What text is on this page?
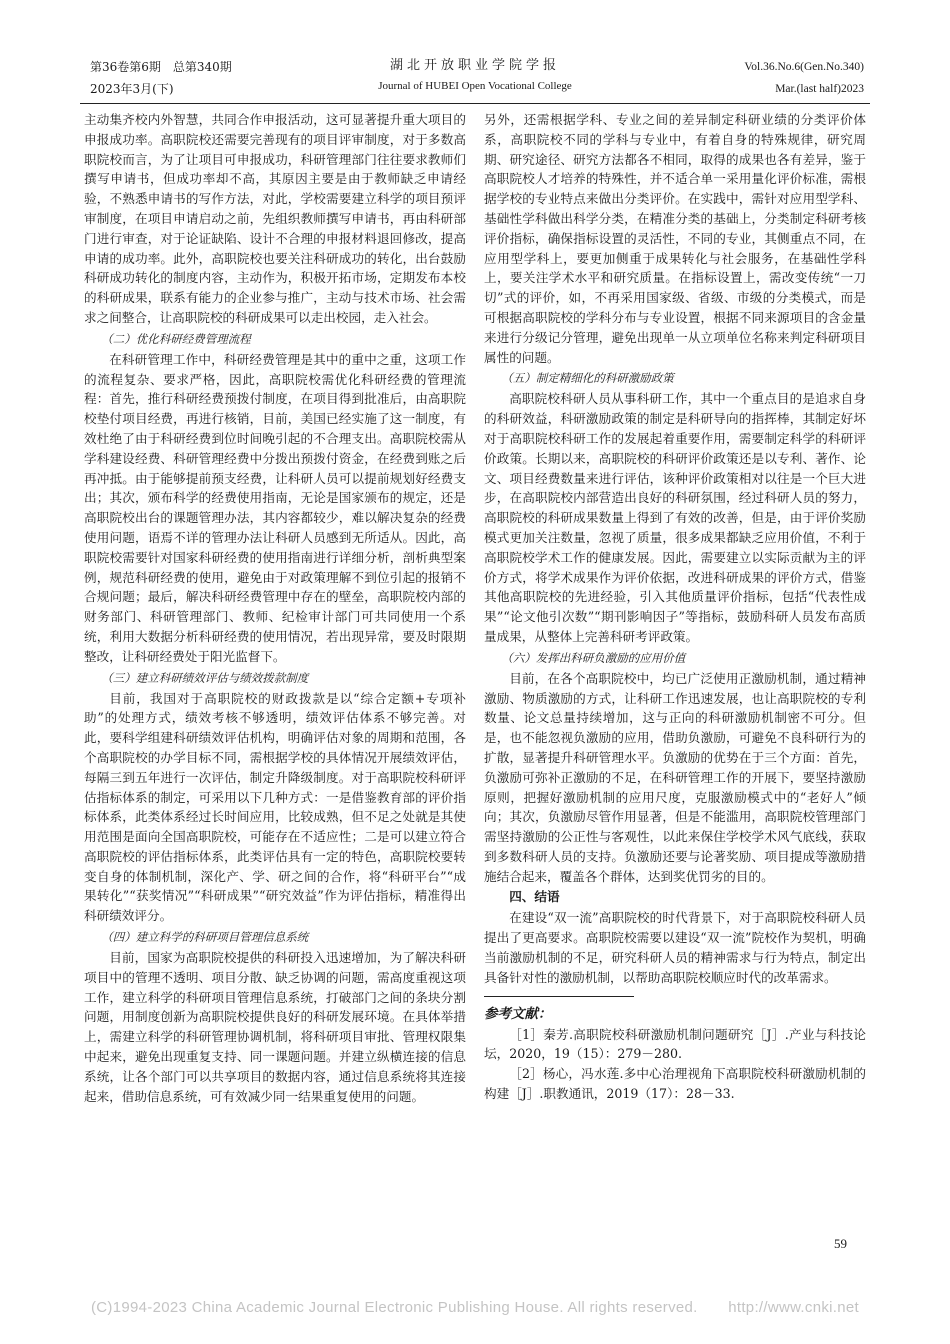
第36卷第6期　总第340期
2023年3月(下)
湖北开放职业学院学报
Journal of HUBEI Open Vocational College
Vol.36.No.6(Gen.No.340)
Mar.(last half)2023

主动集齐校内外智慧，共同合作申报活动，这可显著提升重大项目的申报成功率。高职院校还需要完善现有的项目评审制度，对于多数高职院校而言，为了让项目可申报成功，科研管理部门往往要求教师们撰写申请书，但成功率却不高，其原因主要是由于教师缺乏申请经验，不熟悉申请书的写作方法，对此，学校需要建立科学的项目预评审制度，在项目申请启动之前，先组织教师撰写申请书，再由科研部门进行审查，对于论证缺陷、设计不合理的申报材料退回修改，提高申请的成功率。此外，高职院校也要关注科研成功的转化，出台鼓励科研成功转化的制度内容，主动作为，积极开拓市场，定期发布本校的科研成果，联系有能力的企业参与推广，主动与技术市场、社会需求之间整合，让高职院校的科研成果可以走出校园，走入社会。

（二）优化科研经费管理流程

在科研管理工作中，科研经费管理是其中的重中之重，这项工作的流程复杂、要求严格，因此，高职院校需优化科研经费的管理流程：首先，推行科研经费预拨付制度，在项目得到批准后，由高职院校垫付项目经费，再进行核销，目前，美国已经实施了这一制度，有效杜绝了由于科研经费到位时间晚引起的不合理支出。高职院校需从学科建设经费、科研管理经费中分拨出预拨付资金，在经费到账之后再冲抵。由于能够提前预支经费，让科研人员可以提前规划好经费支出；其次，颁布科学的经费使用指南，无论是国家颁布的规定，还是高职院校出台的课题管理办法，其内容都较少，难以解决复杂的经费使用问题，语焉不详的管理办法让科研人员感到无所适从。因此，高职院校需要针对国家科研经费的使用指南进行详细分析，剖析典型案例，规范科研经费的使用，避免由于对政策理解不到位引起的报销不合规问题；最后，解决科研经费管理中存在的壁垒，高职院校内部的财务部门、科研管理部门、教师、纪检审计部门可共同使用一个系统，利用大数据分析科研经费的使用情况，若出现异常，要及时限期整改，让科研经费处于阳光监督下。

（三）建立科研绩效评估与绩效拨款制度

目前，我国对于高职院校的财政拨款是以“综合定额+专项补助”的处理方式，绩效考核不够透明，绩效评估体系不够完善。对此，要科学组建科研绩效评估机构，明确评估对象的周期和范围，各个高职院校的办学目标不同，需根据学校的具体情况开展绩效评估，每隔三到五年进行一次评估，制定升降级制度。对于高职院校科研评估指标体系的制定，可采用以下几种方式：一是借鉴教育部的评价指标体系，此类体系经过长时间应用，比较成熟，但不足之处就是其使用范围是面向全国高职院校，可能存在不适应性；二是可以建立符合高职院校的评估指标体系，此类评估具有一定的特色，高职院校要转变自身的体制机制，深化产、学、研之间的合作，将“科研平台”“成果转化”“获奖情况”“科研成果”“研究效益”作为评估指标，精准得出科研绩效评分。

（四）建立科学的科研项目管理信息系统

目前，国家为高职院校提供的科研投入迅速增加，为了解决科研项目中的管理不透明、项目分散、缺乏协调的问题，需高度重视这项工作，建立科学的科研项目管理信息系统，打破部门之间的条块分割问题，用制度创新为高职院校提供良好的科研发展环境。在具体举措上，需建立科学的科研管理协调机制，将科研项目审批、管理权限集中起来，避免出现重复支持、同一课题问题。并建立纵横连接的信息系统，让各个部门可以共享项目的数据内容，通过信息系统将其连接起来，借助信息系统，可有效减少同一结果重复使用的问题。

另外，还需根据学科、专业之间的差异制定科研业绩的分类评价体系，高职院校不同的学科与专业中，有着自身的特殊规律，研究周期、研究途径、研究方法都各不相同，取得的成果也各有差异，鉴于高职院校人才培养的特殊性，并不适合单一采用量化评价标准，需根据学校的专业特点来做出分类评价。在实践中，需针对应用型学科、基础性学科做出科学分类，在精准分类的基础上，分类制定科研考核评价指标，确保指标设置的灵活性，不同的专业，其侧重点不同，在应用型学科上，要更加侧重于成果转化与社会服务，在基础性学科上，要关注学术水平和研究质量。在指标设置上，需改变传统“一刀切”式的评价，如，不再采用国家级、省级、市级的分类模式，而是可根据高职院校的学科分布与专业设置，根据不同来源项目的含金量来进行分级记分管理，避免出现单一从立项单位名称来判定科研项目属性的问题。

（五）制定精细化的科研激励政策

高职院校科研人员从事科研工作，其中一个重点目的是追求自身的科研效益，科研激励政策的制定是科研导向的指挥棒，其制定好坏对于高职院校科研工作的发展起着重要作用，需要制定科学的科研评价政策。长期以来，高职院校的科研评价政策还是以专利、著作、论文、项目经费数量来进行评估，该种评价政策相对以往是一个巨大进步，在高职院校内部营造出良好的科研氛围，经过科研人员的努力，高职院校的科研成果数量上得到了有效的改善，但是，由于评价奖励模式更加关注数量，忽视了质量，很多成果都缺乏应用价值，不利于高职院校学术工作的健康发展。因此，需要建立以实际贡献为主的评价方式，将学术成果作为评价依据，改进科研成果的评价方式，借鉴其他高职院校的先进经验，引入其他质量评价指标，包括“代表性成果”“论文他引次数”“期刊影响因子”等指标，鼓励科研人员发布高质量成果，从整体上完善科研考评政策。

（六）发挥出科研负激励的应用价值

目前，在各个高职院校中，均已广泛使用正激励机制，通过精神激励、物质激励的方式，让科研工作迅速发展，也让高职院校的专利数量、论文总量持续增加，这与正向的科研激励机制密不可分。但是，也不能忽视负激励的应用，借助负激励，可避免不良科研行为的扩散，显著提升科研管理水平。负激励的优势在于三个方面：首先，负激励可弥补正激励的不足，在科研管理工作的开展下，要坚持激励原则，把握好激励机制的应用尺度，克服激励模式中的“老好人”倾向；其次，负激励尽管作用显著，但是不能滥用，高职院校管理部门需坚持激励的公正性与客观性，以此来保住学校学术风气底线，获取到多数科研人员的支持。负激励还要与论著奖励、项目提成等激励措施结合起来，覆盖各个群体，达到奖优罚劣的目的。

四、结语

在建设“双一流”高职院校的时代背景下，对于高职院校科研人员提出了更高要求。高职院校需要以建设“双一流”院校作为契机，明确当前激励机制的不足，研究科研人员的精神需求与行为特点，制定出具备针对性的激励机制，以帮助高职院校顺应时代的改革需求。

参考文献：
［1］秦芳.高职院校科研激励机制问题研究［J］.产业与科技论坛，2020，19（15）：279－280.
［2］杨心，冯水莲.多中心治理视角下高职院校科研激励机制的构建［J］.职教通讯，2019（17）：28－33.
59
(C)1994-2023 China Academic Journal Electronic Publishing House. All rights reserved.　　http://www.cnki.net
